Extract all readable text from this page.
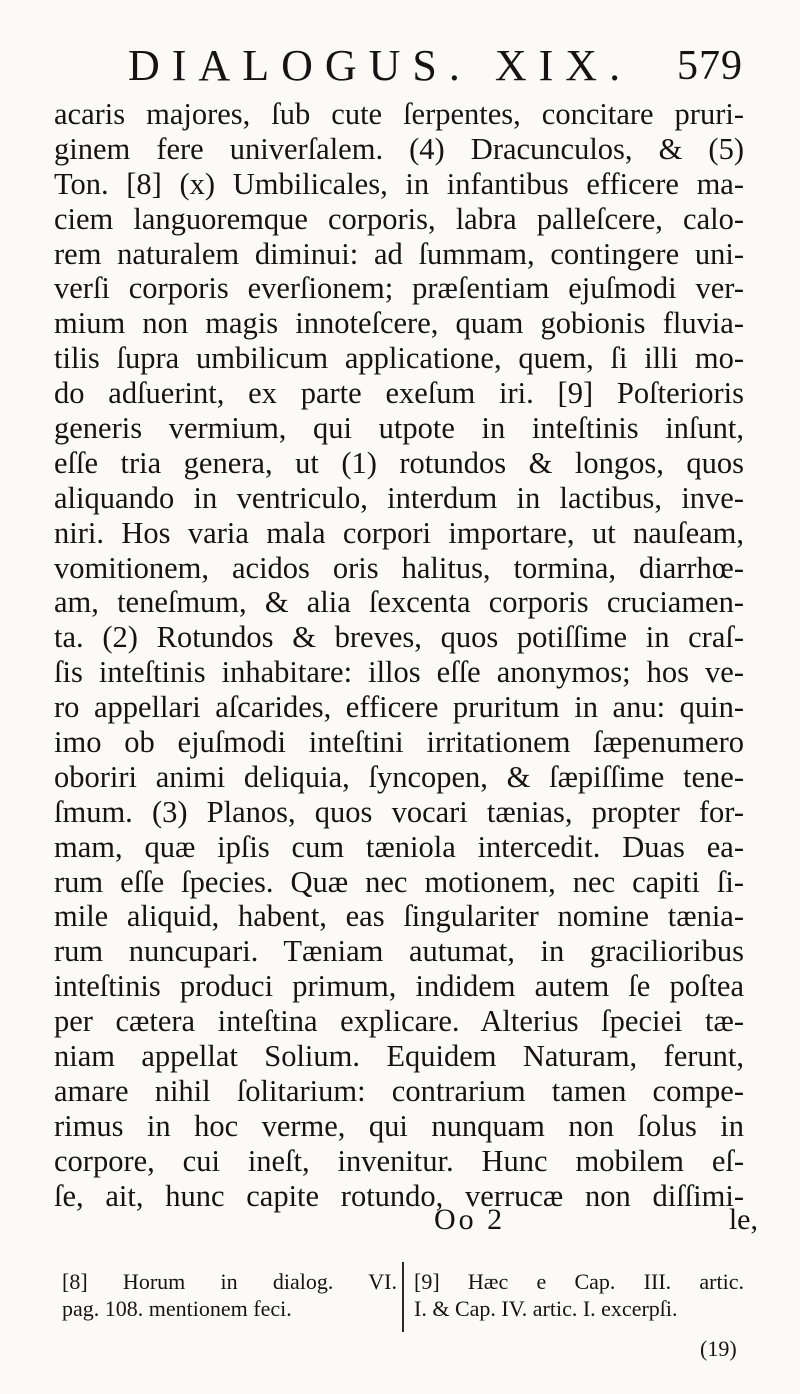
DIALOGUS. XIX. 579
acaris majores, ſub cute ſerpentes, concitare pruri-
ginem fere univerſalem. (4) Dracunculos, & (5)
Ton. [8] (x) Umbilicales, in infantibus efficere ma-
ciem languoremque corporis, labra palleſcere, calo-
rem naturalem diminui: ad ſummam, contingere uni-
verſi corporis everſionem; præſentiam ejuſmodi ver-
mium non magis innoteſcere, quam gobionis fluvia-
tilis ſupra umbilicum applicatione, quem, ſi illi mo-
do adſuerint, ex parte exeſum iri. [9] Poſterioris
generis vermium, qui utpote in inteſtinis inſunt,
eſſe tria genera, ut (1) rotundos & longos, quos
aliquando in ventriculo, interdum in lactibus, inve-
niri. Hos varia mala corpori importare, ut nauſeam,
vomitionem, acidos oris halitus, tormina, diarrhœ-
am, teneſmum, & alia ſexcenta corporis cruciamen-
ta. (2) Rotundos & breves, quos potiſſime in craſ-
ſis inteſtinis inhabitare: illos eſſe anonymos; hos ve-
ro appellari aſcarides, efficere pruritum in anu: quin-
imo ob ejuſmodi inteſtini irritationem ſæpenumero
oboriri animi deliquia, ſyncopen, & ſæpiſſime tene-
ſmum. (3) Planos, quos vocari tænias, propter for-
mam, quæ ipſis cum tæniola intercedit. Duas ea-
rum eſſe ſpecies. Quæ nec motionem, nec capiti ſi-
mile aliquid, habent, eas ſingulariter nomine tænia-
rum nuncupari. Tæniam autumat, in gracilioribus
inteſtinis produci primum, indidem autem ſe poſtea
per cætera inteſtina explicare. Alterius ſpeciei tæ-
niam appellat Solium. Equidem Naturam, ferunt,
amare nihil ſolitarium: contrarium tamen compe-
rimus in hoc verme, qui nunquam non ſolus in
corpore, cui ineſt, invenitur. Hunc mobilem eſ-
ſe, ait, hunc capite rotundo, verrucæ non diſſimi-
Oo 2	le,
[8] Horum in dialog. VI.
pag. 108. mentionem feci.
[9] Hæc e Cap. III. artic.
I. & Cap. IV. artic. I. excerpſi.
(19)
